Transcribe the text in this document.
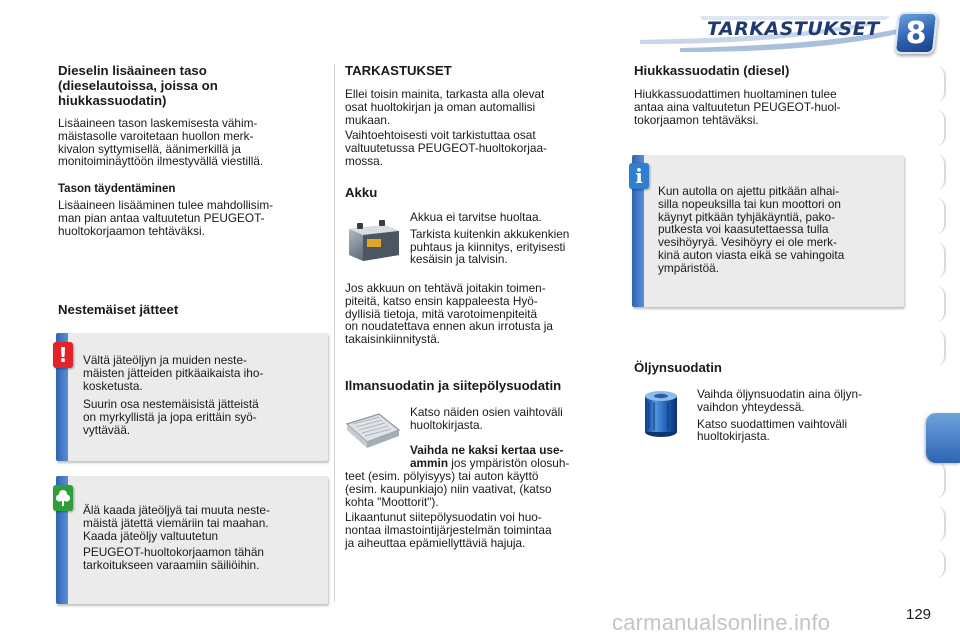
TARKASTUKSET 8
Dieselin lisäaineen taso
(dieselautoissa, joissa on
hiukkassuodatin)
Lisäaineen tason laskemisesta vähim-
mäistasolle varoitetaan huollon merk-
kivalon syttymisellä, äänimerkillä ja
monitoiminäyttöön ilmestyvällä viestillä.
Tason täydentäminen
Lisäaineen lisääminen tulee mahdollisim-
man pian antaa valtuutetun PEUGEOT-
huoltokorjaamon tehtäväksi.
Nestemäiset jätteet
Vältä jäteöljyn ja muiden neste-
mäisten jätteiden pitkäaikaista iho-
kosketusta.
Suurin osa nestemäisistä jätteistä
on myrkyllistä ja jopa erittäin syö-
vyttävää.
!
Älä kaada jäteöljyä tai muuta neste-
mäistä jätettä viemäriin tai maahan.
Kaada jäteöljy valtuutetun
PEUGEOT-huoltokorjaamon tähän
tarkoitukseen varaamiin säiliöihin.
TARKASTUKSET
Ellei toisin mainita, tarkasta alla olevat
osat huoltokirjan ja oman automallisi
mukaan.
Vaihtoehtoisesti voit tarkistuttaa osat
valtuutetussa PEUGEOT-huoltokorjaa-
mossa.
Akku
Akkua ei tarvitse huoltaa.
Tarkista kuitenkin akkukenkien
puhtaus ja kiinnitys, erityisesti
kesäisin ja talvisin.
Jos akkuun on tehtävä joitakin toimen-
piteitä, katso ensin kappaleesta Hyö-
dyllisiä tietoja, mitä varotoimenpiteitä
on noudatettava ennen akun irrotusta ja
takaisinkiinnitystä.
Ilmansuodatin ja siitepölysuodatin
Katso näiden osien vaihtoväli
huoltokirjasta.
Vaihda ne kaksi kertaa use-
ammin jos ympäristön olosuh-
teet (esim. pölyisyys) tai auton käyttö
(esim. kaupunkiajo) niin vaativat, (katso
kohta "Moottorit").
Likaantunut siitepölysuodatin voi huo-
nontaa ilmastointijärjestelmän toimintaa
ja aiheuttaa epämiellyttäviä hajuja.
Hiukkassuodatin (diesel)
Hiukkassuodattimen huoltaminen tulee
antaa aina valtuutetun PEUGEOT-huol-
tokorjaamon tehtäväksi.
Kun autolla on ajettu pitkään alhai-
silla nopeuksilla tai kun moottori on
käynyt pitkään tyhjäkäyntiä, pako-
putkesta voi kaasutettaessa tulla
vesihöyryä. Vesihöyry ei ole merk-
kinä auton viasta eikä se vahingoita
ympäristöä.
i
Öljynsuodatin
Vaihda öljynsuodatin aina öljyn-
vaihdon yhteydessä.
Katso suodattimen vaihtoväli
huoltokirjasta.
carmanualsonline.info	129
